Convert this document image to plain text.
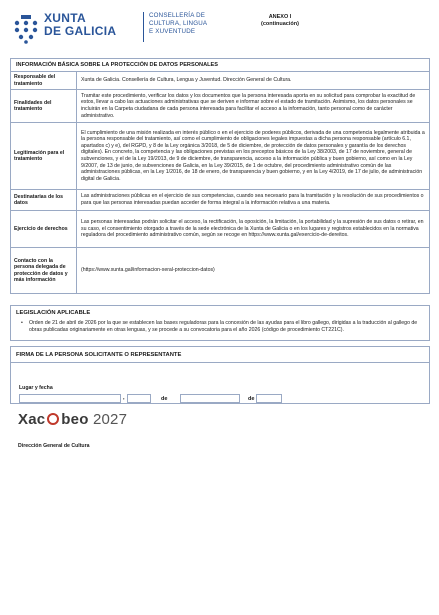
XUNTA
DE GALICIA
CONSELLERÍA DE
CULTURA, LINGUA
E XUVENTUDE
ANEXO I
(continuación)
INFORMACIÓN BÁSICA SOBRE LA PROTECCIÓN DE DATOS PERSONALES
Responsable del tratamiento
Xunta de Galicia. Consellería de Cultura, Lengua y Juventud. Dirección General de Cultura.
Finalidades del tratamiento
Tramitar este procedimiento, verificar los datos y los documentos que la persona interesada aporta en su solicitud para comprobar la exactitud de estos, llevar a cabo las actuaciones administrativas que se deriven e informar sobre el estado de tramitación. Asimismo, los datos personales se incluirán en la Carpeta ciudadana de cada persona interesada para facilitar el acceso a la información, tanto personal como de carácter administrativo.
Legitimación para el tratamiento
El cumplimiento de una misión realizada en interés público o en el ejercicio de poderes públicos, derivada de una competencia legalmente atribuida a la persona responsable del tratamiento, así como el cumplimiento de obligaciones legales impuestas a dicha persona responsable (artículo 6.1, apartados c) y e), del RGPD, y 8 de la Ley orgánica 3/2018, de 5 de diciembre, de protección de datos personales y garantía de los derechos digitales). En concreto, la competencia y las obligaciones previstas en los preceptos básicos de la Ley 38/2003, de 17 de noviembre, general de subvenciones, y el de la Ley 19/2013, de 9 de diciembre, de transparencia, acceso a la información pública y buen gobierno, así como en la Ley 9/2007, de 13 de junio, de subvenciones de Galicia, en la Ley 39/2015, de 1 de octubre, del procedimiento administrativo común de las administraciones públicas, en la Ley 1/2016, de 18 de enero, de transparencia y buen gobierno, y en la Ley 4/2019, de 17 de julio, de administración digital de Galicia.
Destinatarias de los datos
Las administraciones públicas en el ejercicio de sus competencias, cuando sea necesario para la tramitación y la resolución de sus procedimientos o para que las personas interesadas puedan acceder de forma integral a la información relativa a una materia.
Ejercicio de derechos
Las personas interesadas podrán solicitar el acceso, la rectificación, la oposición, la limitación, la portabilidad y la supresión de sus datos o retirar, en su caso, el consentimiento otorgado a través de la sede electrónica de la Xunta de Galicia o en los lugares y registros establecidos en la normativa reguladora del procedimiento administrativo común, según se recoge en https://www.xunta.gal/exercicio-de-dereitos.
Contacto con la persona delegada de protección de datos y más información
(https://www.xunta.gal/informacion-xeral-proteccion-datos)
LEGISLACIÓN APLICABLE
• Orden de 21 de abril de 2026 por la que se establecen las bases reguladoras para la concesión de las ayudas para el libro gallego, dirigidas a la traducción al gallego de obras publicadas originariamente en otras lenguas, y se procede a su convocatoria para el año 2026 (código de procedimiento CT221C).
FIRMA DE LA PERSONA SOLICITANTE O REPRESENTANTE
Lugar y fecha
,	de	de
Xac beo 2027
Dirección General de Cultura
